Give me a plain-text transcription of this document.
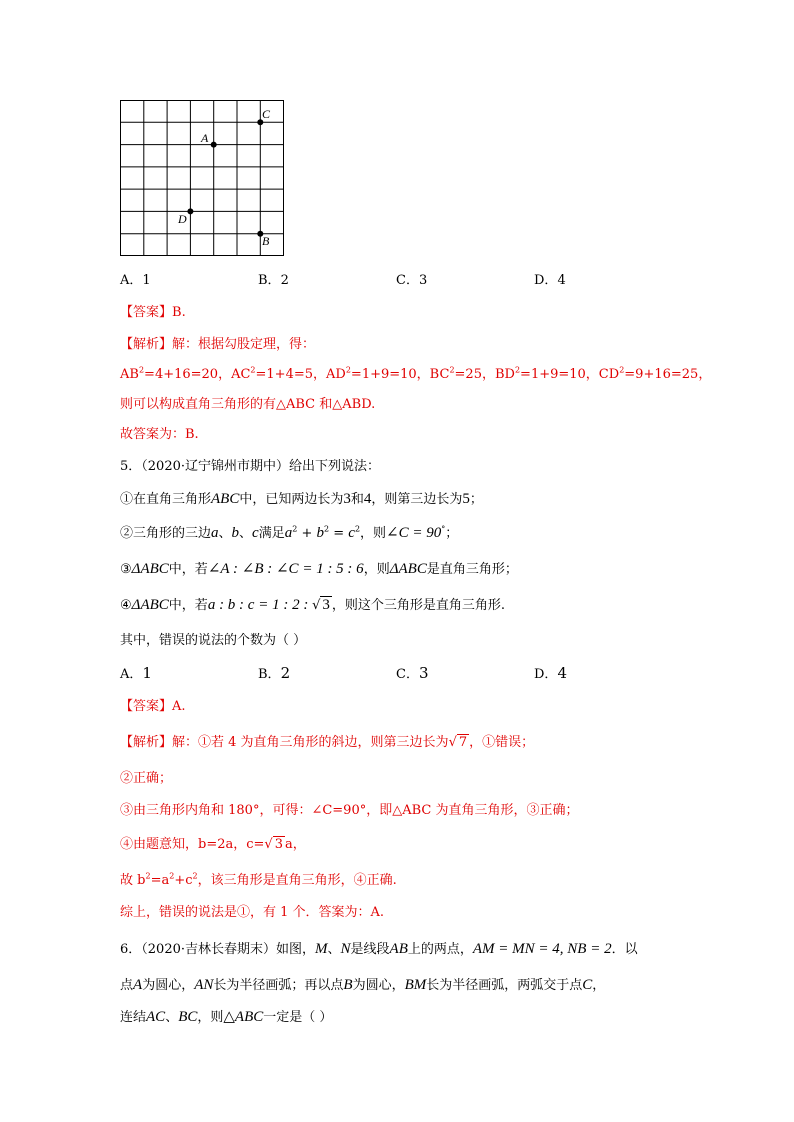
A
C
D
B
A．1	B．2	C．3	D．4
【答案】B.
【解析】解：根据勾股定理，得：
$AB^2=4+16=20$，$AC^2=1+4=5$，$AD^2=1+9=10$，$BC^2=25$，$BD^2=1+9=10$，$CD^2=9+16=25$，
则可以构成直角三角形的有△ABC 和△ABD.
故答案为：B.
5．（2020·辽宁锦州市期中）给出下列说法：
①在直角三角形ABC中，已知两边长为3和4，则第三边长为5；
②三角形的三边a、b、c满足$a^2 + b^2 = c^2$，则∠C = 90°；
③ΔABC中，若∠A : ∠B : ∠C = 1 : 5 : 6，则ΔABC是直角三角形；
④ΔABC中，若a : b : c = 1 : 2 : √ 3 ，则这个三角形是直角三角形.
其中，错误的说法的个数为（ ）
A．1	B．2	C．3	D．4
【答案】A.
【解析】解：①若 4 为直角三角形的斜边，则第三边长为√ 7 ，①错误；
②正确；
③由三角形内角和 180°，可得：∠C=90°，即△ABC 为直角三角形，③正确；
④由题意知，b=2a，c=√ 3 a，
故 $b^2=a^2+c^2$，该三角形是直角三角形，④正确.
综上，错误的说法是①，有 1 个．答案为：A.
6．（2020·吉林长春期末）如图，M、N是线段AB上的两点，AM = MN = 4, NB = 2．以
点A为圆心，AN长为半径画弧；再以点B为圆心，BM长为半径画弧，两弧交于点C，
连结AC、BC，则△ABC一定是（ ）
